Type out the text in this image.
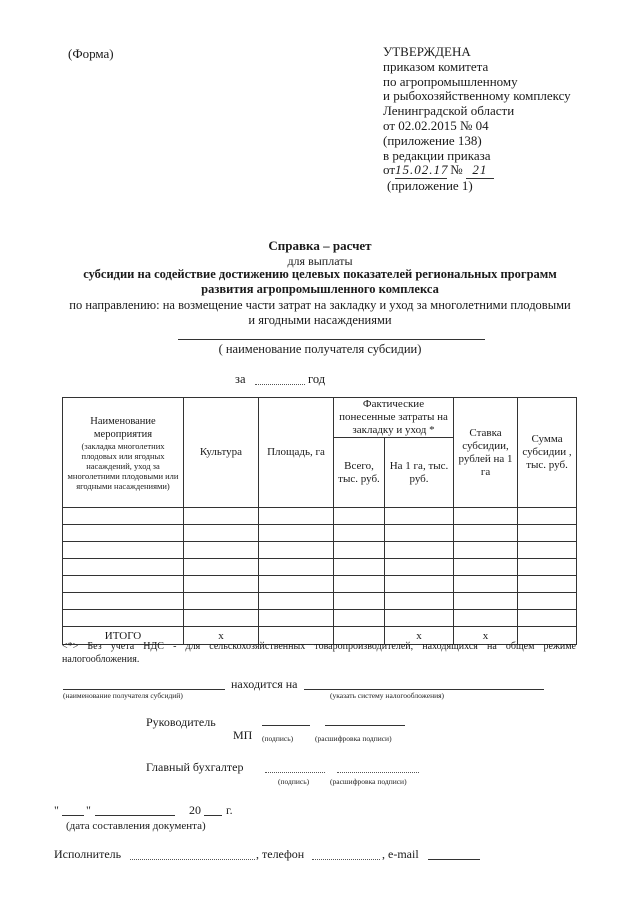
(Форма)	УТВЕРЖДЕНА
приказом комитета
по агропромышленному
и рыбохозяйственному комплексу
Ленинградской области
от 02.02.2015 № 04
(приложение 138)
в редакции приказа
от15.02.17 № 21
(приложение 1)
Справка – расчет
для выплаты
субсидии на содействие достижению целевых показателей региональных программ
развития агропромышленного комплекса
по направлению: на возмещение части затрат на закладку и уход за многолетними плодовыми
и ягодными насаждениями
( наименование получателя субсидии)
за	год
Наименование мероприятия
(закладка многолетних плодовых или ягодных насаждений, уход за многолетними плодовыми или ягодными насаждениями)	Культура	Площадь, га	Фактические понесенные затраты на закладку и уход *		Ставка субсидии, рублей на 1 га	Сумма субсидии , тыс. руб.
			Всего, тыс. руб.	На 1 га, тыс. руб.		

ИТОГО	х			х	х	
<*> Без учета НДС - для сельскохозяйственных товаропроизводителей, находящихся на общем режиме налогообложения.
находится на
(наименование получателя субсидий)	(указать систему налогообложения)
Руководитель
МП (подпись)	(расшифровка подписи)
Главный бухгалтер
(подпись)	(расшифровка подписи)
" "	20 г.
(дата составления документа)
Исполнитель	, телефон	, e-mail
